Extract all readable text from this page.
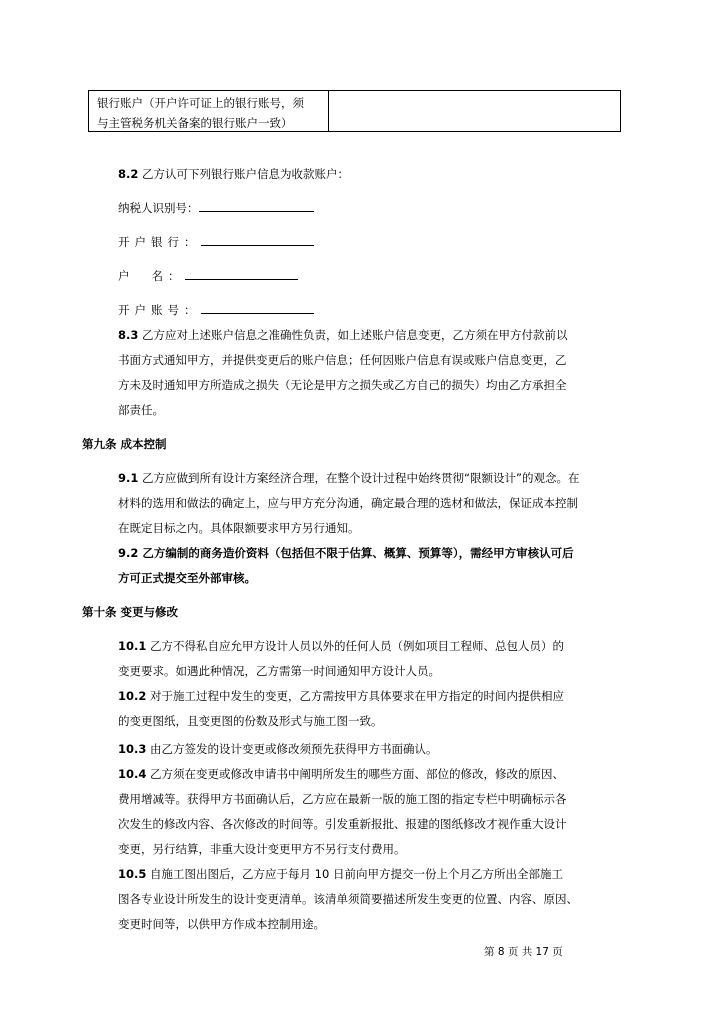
银行账户（开户许可证上的银行账号，须
与主管税务机关备案的银行账户一致）
8.2 乙方认可下列银行账户信息为收款账户：
纳税人识别号：
开户银行：
户 名：
开户账号：
8.3 乙方应对上述账户信息之准确性负责，如上述账户信息变更，乙方须在甲方付款前以
书面方式通知甲方，并提供变更后的账户信息；任何因账户信息有误或账户信息变更，乙
方未及时通知甲方所造成之损失（无论是甲方之损失或乙方自己的损失）均由乙方承担全
部责任。
第九条 成本控制
9.1 乙方应做到所有设计方案经济合理，在整个设计过程中始终贯彻“限额设计”的观念。在
材料的选用和做法的确定上，应与甲方充分沟通，确定最合理的选材和做法，保证成本控制
在既定目标之内。具体限额要求甲方另行通知。
9.2 乙方编制的商务造价资料（包括但不限于估算、概算、预算等），需经甲方审核认可后
方可正式提交至外部审核。
第十条 变更与修改
10.1 乙方不得私自应允甲方设计人员以外的任何人员（例如项目工程师、总包人员）的
变更要求。如遇此种情况，乙方需第一时间通知甲方设计人员。
10.2 对于施工过程中发生的变更，乙方需按甲方具体要求在甲方指定的时间内提供相应
的变更图纸，且变更图的份数及形式与施工图一致。
10.3 由乙方签发的设计变更或修改须预先获得甲方书面确认。
10.4 乙方须在变更或修改申请书中阐明所发生的哪些方面、部位的修改，修改的原因、
费用增减等。获得甲方书面确认后，乙方应在最新一版的施工图的指定专栏中明确标示各
次发生的修改内容、各次修改的时间等。引发重新报批、报建的图纸修改才视作重大设计
变更，另行结算，非重大设计变更甲方不另行支付费用。
10.5 自施工图出图后，乙方应于每月 10 日前向甲方提交一份上个月乙方所出全部施工
图各专业设计所发生的设计变更清单。该清单须简要描述所发生变更的位置、内容、原因、
变更时间等，以供甲方作成本控制用途。
第 8 页 共 17 页
